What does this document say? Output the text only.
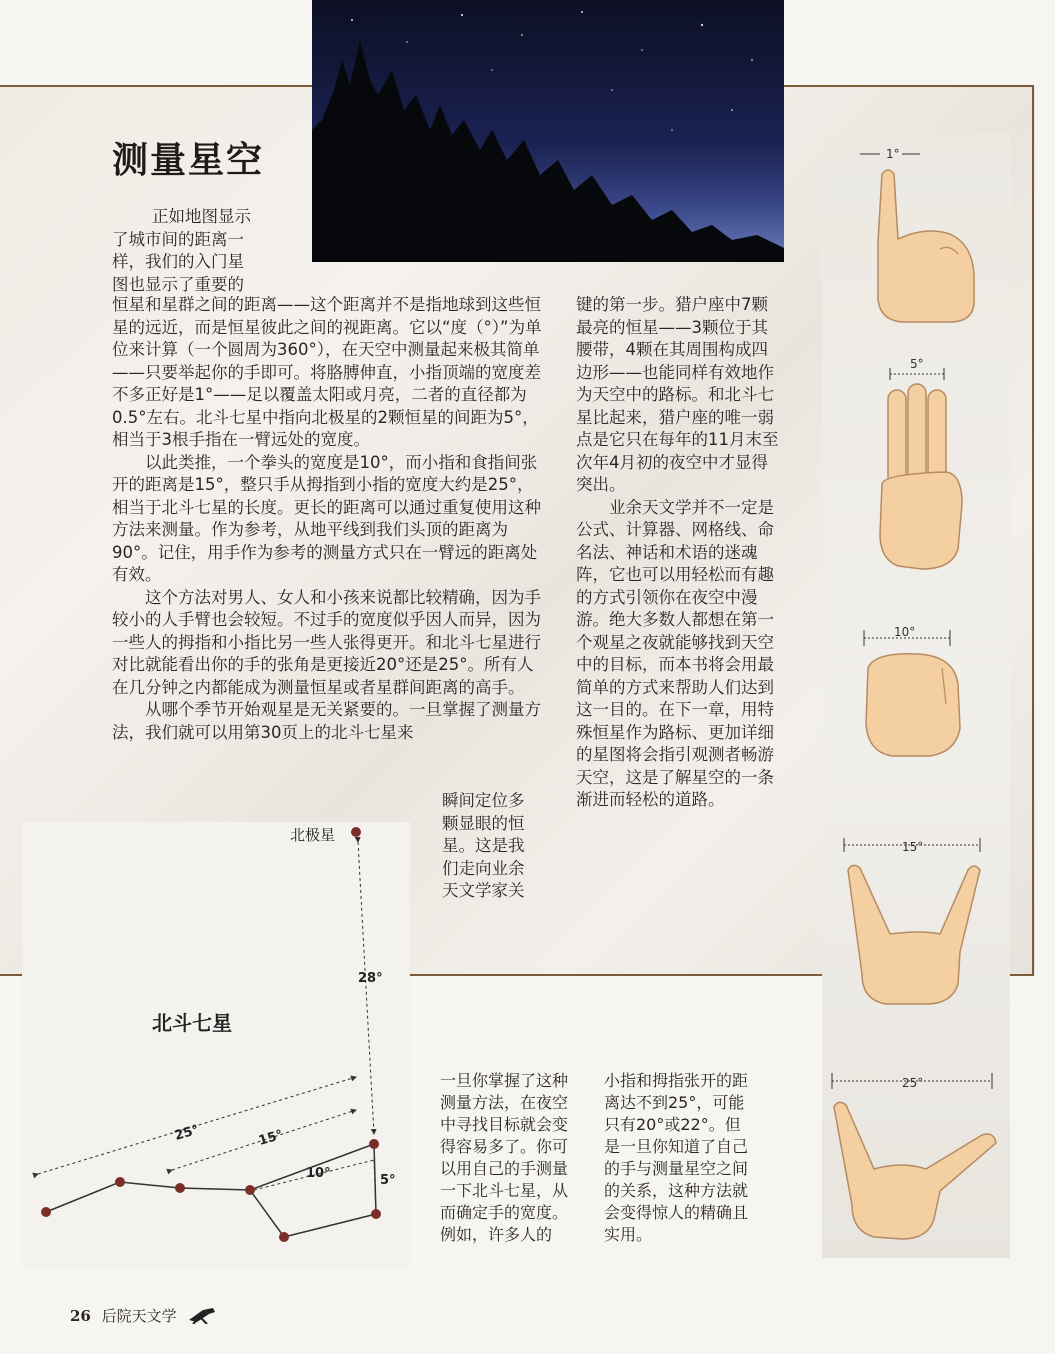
测量星空
正如地图显示
了城市间的距离一
样，我们的入门星
图也显示了重要的

恒星和星群之间的距离——这个距离并不是指地球到这些恒星的远近，而是恒星彼此之间的视距离。它以“度（°）”为单位来计算（一个圆周为360°），在天空中测量起来极其简单——只要举起你的手即可。将胳膊伸直，小指顶端的宽度差不多正好是1°——足以覆盖太阳或月亮，二者的直径都为0.5°左右。北斗七星中指向北极星的2颗恒星的间距为5°，相当于3根手指在一臂远处的宽度。

以此类推，一个拳头的宽度是10°，而小指和食指间张开的距离是15°，整只手从拇指到小指的宽度大约是25°，相当于北斗七星的长度。更长的距离可以通过重复使用这种方法来测量。作为参考，从地平线到我们头顶的距离为90°。记住，用手作为参考的测量方式只在一臂远的距离处有效。

这个方法对男人、女人和小孩来说都比较精确，因为手较小的人手臂也会较短。不过手的宽度似乎因人而异，因为一些人的拇指和小指比另一些人张得更开。和北斗七星进行对比就能看出你的手的张角是更接近20°还是25°。所有人在几分钟之内都能成为测量恒星或者星群间距离的高手。

从哪个季节开始观星是无关紧要的。一旦掌握了测量方法，我们就可以用第30页上的北斗七星来

瞬间定位多
颗显眼的恒
星。这是我
们走向业余
天文学家关

键的第一步。猎户座中7颗最亮的恒星——3颗位于其腰带，4颗在其周围构成四边形——也能同样有效地作为天空中的路标。和北斗七星比起来，猎户座的唯一弱点是它只在每年的11月末至次年4月初的夜空中才显得突出。

业余天文学并不一定是公式、计算器、网格线、命名法、神话和术语的迷魂阵，它也可以用轻松而有趣的方式引领你在夜空中漫游。绝大多数人都想在第一个观星之夜就能够找到天空中的目标，而本书将会用最简单的方式来帮助人们达到这一目的。在下一章，用特殊恒星作为路标、更加详细的星图将会指引观测者畅游天空，这是了解星空的一条渐进而轻松的道路。

1°
5°
10°
15°
25°
北极星
28°
北斗七星
25°	15°
10°	5°
一旦你掌握了这种测量方法，在夜空中寻找目标就会变得容易多了。你可以用自己的手测量一下北斗七星，从而确定手的宽度。例如，许多人的
小指和拇指张开的距离达不到25°，可能只有20°或22°。但是一旦你知道了自己的手与测量星空之间的关系，这种方法就会变得惊人的精确且实用。
26 后院天文学
